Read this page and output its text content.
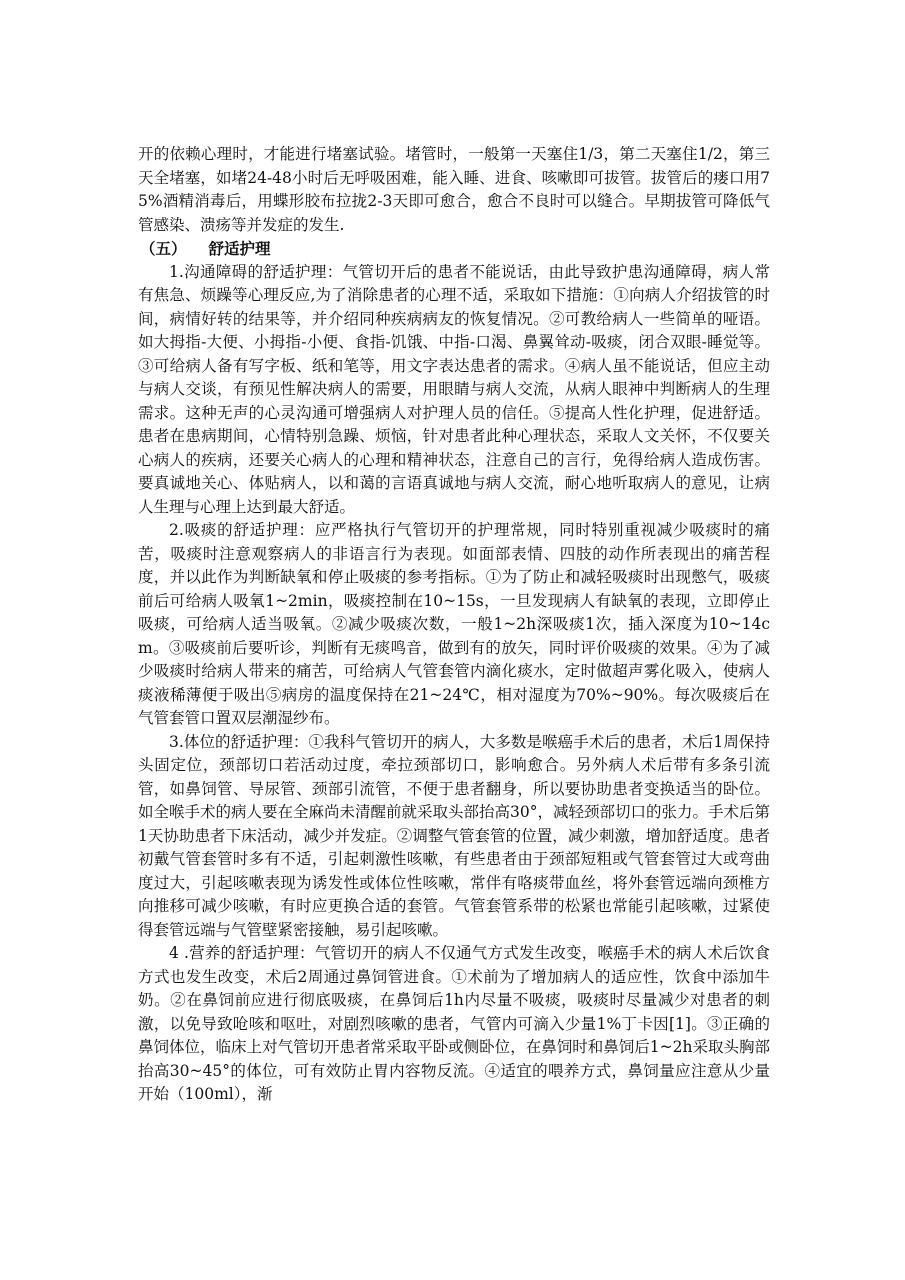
开的依赖心理时，才能进行堵塞试验。堵管时，一般第一天塞住1/3，第二天塞住1/2，第三天全堵塞，如堵24-48小时后无呼吸困难，能入睡、进食、咳嗽即可拔管。拔管后的瘘口用75%酒精消毒后，用蝶形胶布拉拢2-3天即可愈合，愈合不良时可以缝合。早期拔管可降低气管感染、溃疡等并发症的发生.

（五） 舒适护理

1.沟通障碍的舒适护理：气管切开后的患者不能说话，由此导致护患沟通障碍，病人常有焦急、烦躁等心理反应,为了消除患者的心理不适，采取如下措施：①向病人介绍拔管的时间，病情好转的结果等，并介绍同种疾病病友的恢复情况。②可教给病人一些简单的哑语。如大拇指-大便、小拇指-小便、食指-饥饿、中指-口渴、鼻翼耸动-吸痰，闭合双眼-睡觉等。③可给病人备有写字板、纸和笔等，用文字表达患者的需求。④病人虽不能说话，但应主动与病人交谈，有预见性解决病人的需要，用眼睛与病人交流，从病人眼神中判断病人的生理需求。这种无声的心灵沟通可增强病人对护理人员的信任。⑤提高人性化护理，促进舒适。患者在患病期间，心情特别急躁、烦恼，针对患者此种心理状态，采取人文关怀，不仅要关心病人的疾病，还要关心病人的心理和精神状态，注意自己的言行，免得给病人造成伤害。要真诚地关心、体贴病人，以和蔼的言语真诚地与病人交流，耐心地听取病人的意见，让病人生理与心理上达到最大舒适。

2.吸痰的舒适护理：应严格执行气管切开的护理常规，同时特别重视减少吸痰时的痛苦，吸痰时注意观察病人的非语言行为表现。如面部表情、四肢的动作所表现出的痛苦程度，并以此作为判断缺氧和停止吸痰的参考指标。①为了防止和减轻吸痰时出现憋气，吸痰前后可给病人吸氧1~2min，吸痰控制在10~15s，一旦发现病人有缺氧的表现，立即停止吸痰，可给病人适当吸氧。②减少吸痰次数，一般1~2h深吸痰1次，插入深度为10~14cm。③吸痰前后要听诊，判断有无痰鸣音，做到有的放矢，同时评价吸痰的效果。④为了减少吸痰时给病人带来的痛苦，可给病人气管套管内滴化痰水，定时做超声雾化吸入，使病人痰液稀薄便于吸出⑤病房的温度保持在21~24℃，相对湿度为70%~90%。每次吸痰后在气管套管口置双层潮湿纱布。

3.体位的舒适护理：①我科气管切开的病人，大多数是喉癌手术后的患者，术后1周保持头固定位，颈部切口若活动过度，牵拉颈部切口，影响愈合。另外病人术后带有多条引流管，如鼻饲管、导尿管、颈部引流管，不便于患者翻身，所以要协助患者变换适当的卧位。如全喉手术的病人要在全麻尚未清醒前就采取头部抬高30°，减轻颈部切口的张力。手术后第1天协助患者下床活动，减少并发症。②调整气管套管的位置，减少刺激，增加舒适度。患者初戴气管套管时多有不适，引起刺激性咳嗽，有些患者由于颈部短粗或气管套管过大或弯曲度过大，引起咳嗽表现为诱发性或体位性咳嗽，常伴有咯痰带血丝，将外套管远端向颈椎方向推移可减少咳嗽，有时应更换合适的套管。气管套管系带的松紧也常能引起咳嗽，过紧使得套管远端与气管壁紧密接触，易引起咳嗽。

4 .营养的舒适护理：气管切开的病人不仅通气方式发生改变，喉癌手术的病人术后饮食方式也发生改变，术后2周通过鼻饲管进食。①术前为了增加病人的适应性，饮食中添加牛奶。②在鼻饲前应进行彻底吸痰，在鼻饲后1h内尽量不吸痰，吸痰时尽量减少对患者的刺激，以免导致呛咳和呕吐，对剧烈咳嗽的患者，气管内可滴入少量1%丁卡因[1]。③正确的鼻饲体位，临床上对气管切开患者常采取平卧或侧卧位，在鼻饲时和鼻饲后1~2h采取头胸部抬高30~45°的体位，可有效防止胃内容物反流。④适宜的喂养方式，鼻饲量应注意从少量开始（100ml），渐
